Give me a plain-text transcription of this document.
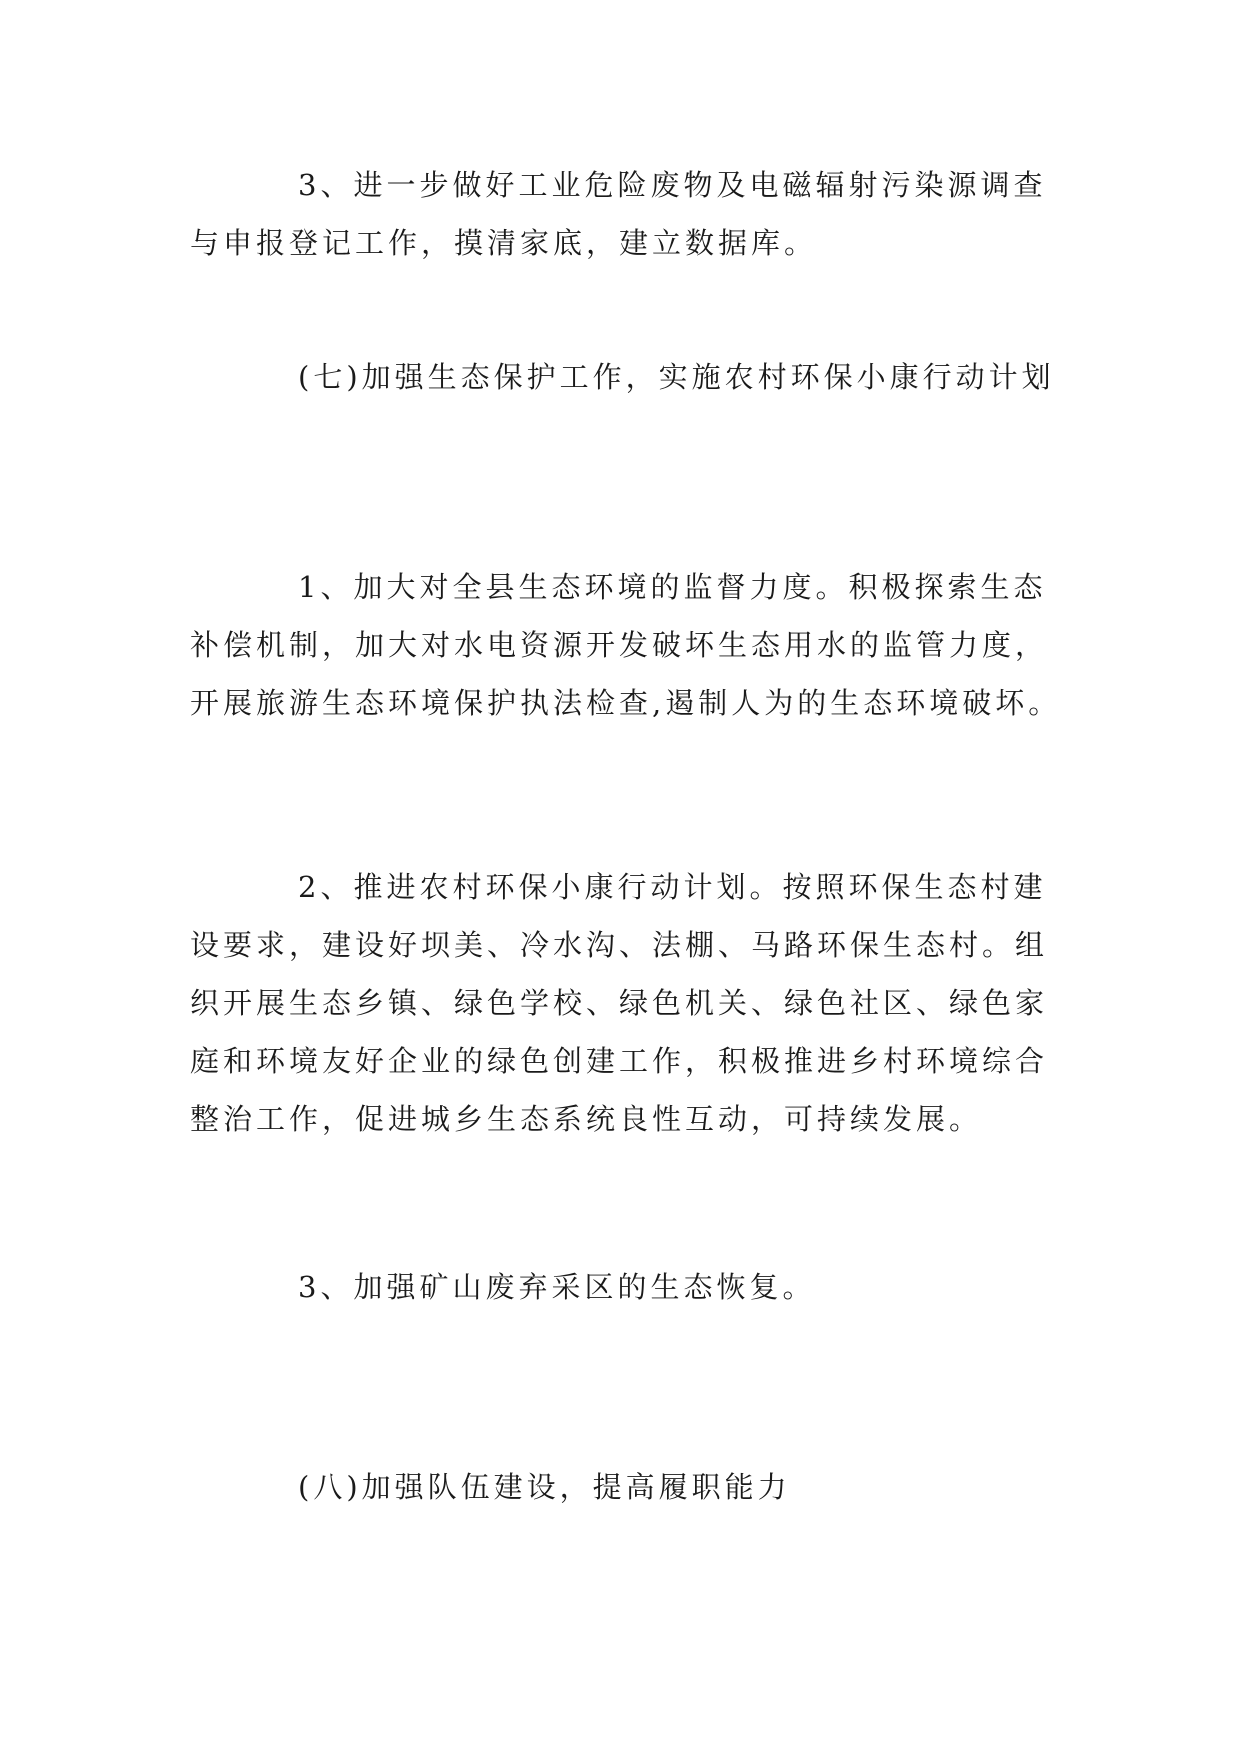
3、进一步做好工业危险废物及电磁辐射污染源调查
与申报登记工作，摸清家底，建立数据库。

(七)加强生态保护工作，实施农村环保小康行动计划

1、加大对全县生态环境的监督力度。积极探索生态
补偿机制，加大对水电资源开发破坏生态用水的监管力度，
开展旅游生态环境保护执法检查,遏制人为的生态环境破坏。

2、推进农村环保小康行动计划。按照环保生态村建
设要求，建设好坝美、冷水沟、法棚、马路环保生态村。组
织开展生态乡镇、绿色学校、绿色机关、绿色社区、绿色家
庭和环境友好企业的绿色创建工作，积极推进乡村环境综合
整治工作，促进城乡生态系统良性互动，可持续发展。

3、加强矿山废弃采区的生态恢复。

(八)加强队伍建设，提高履职能力
